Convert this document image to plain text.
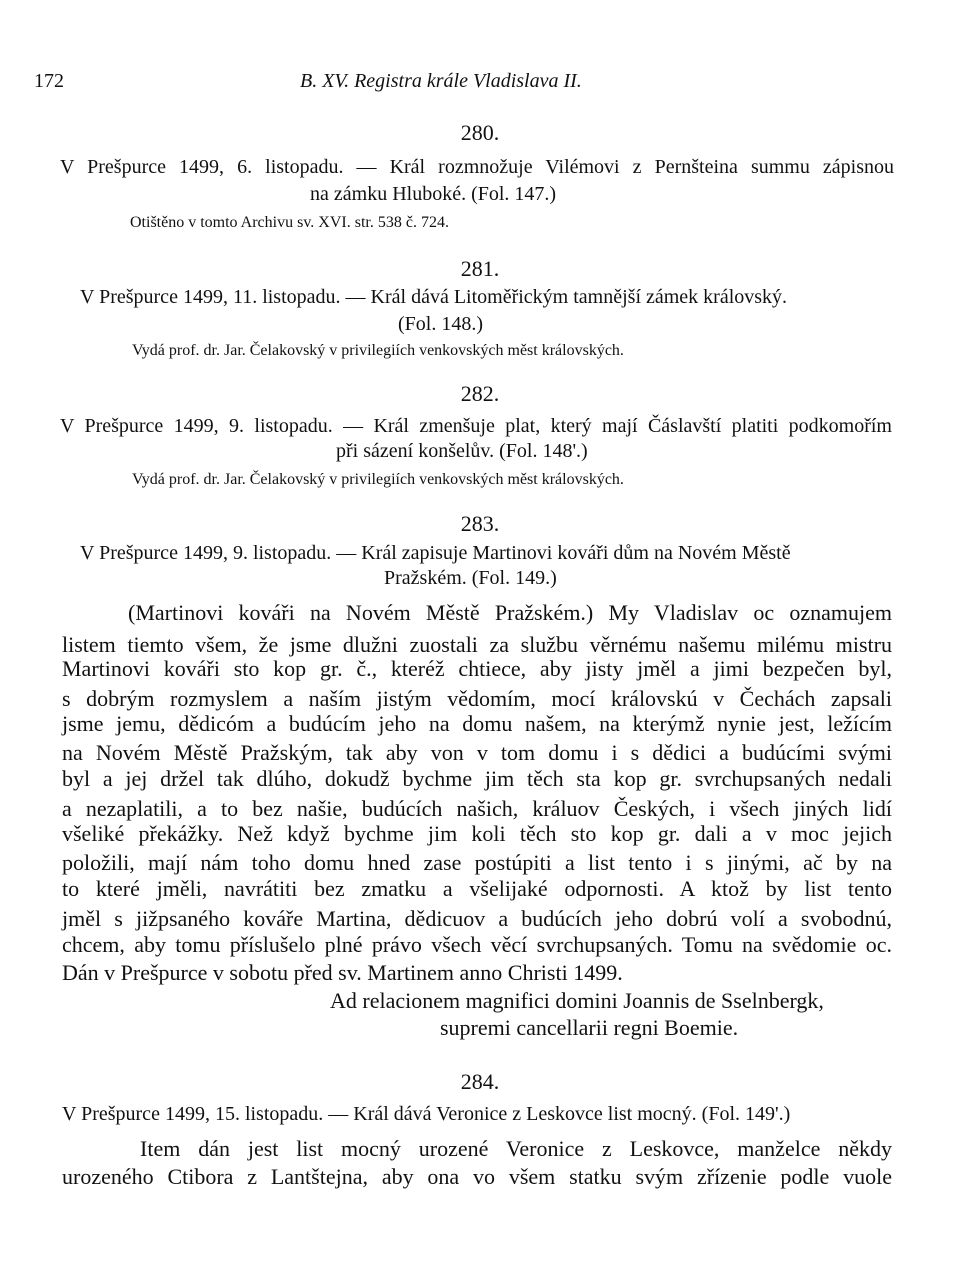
172	B. XV. Registra krále Vladislava II.
280.
V Prešpurce 1499, 6. listopadu. — Král rozmnožuje Vilémovi z Pernšteina summu zápisnou
na zámku Hluboké. (Fol. 147.)
Otištěno v tomto Archivu sv. XVI. str. 538 č. 724.
281.
V Prešpurce 1499, 11. listopadu. — Král dává Litoměřickým tamnější zámek královský.
(Fol. 148.)
Vydá prof. dr. Jar. Čelakovský v privilegiích venkovských měst královských.
282.
V Prešpurce 1499, 9. listopadu. — Král zmenšuje plat, který mají Čáslavští platiti podkomořím
při sázení konšelův. (Fol. 148'.)
Vydá prof. dr. Jar. Čelakovský v privilegiích venkovských měst královských.
283.
V Prešpurce 1499, 9. listopadu. — Král zapisuje Martinovi kováři dům na Novém Městě
Pražském. (Fol. 149.)
(Martinovi kováři na Novém Městě Pražském.) My Vladislav oc oznamujem
listem tiemto všem, že jsme dlužni zuostali za službu věrnému našemu milému mistru
Martinovi kováři sto kop gr. č., kteréž chtiece, aby jisty jměl a jimi bezpečen byl,
s dobrým rozmyslem a naším jistým vědomím, mocí královskú v Čechách zapsali
jsme jemu, dědicóm a budúcím jeho na domu našem, na kterýmž nynie jest, ležícím
na Novém Městě Pražským, tak aby von v tom domu i s dědici a budúcími svými
byl a jej držel tak dlúho, dokudž bychme jim těch sta kop gr. svrchupsaných nedali
a nezaplatili, a to bez našie, budúcích našich, králuov Českých, i všech jiných lidí
všeliké překážky. Než když bychme jim koli těch sto kop gr. dali a v moc jejich
položili, mají nám toho domu hned zase postúpiti a list tento i s jinými, ač by na
to které jměli, navrátiti bez zmatku a všelijaké odpornosti. A ktož by list tento
jměl s jižpsaného kováře Martina, dědicuov a budúcích jeho dobrú volí a svobodnú,
chcem, aby tomu příslušelo plné právo všech věcí svrchupsaných. Tomu na svědomie oc.
Dán v Prešpurce v sobotu před sv. Martinem anno Christi 1499.
Ad relacionem magnifici domini Joannis de Sselnbergk,
supremi cancellarii regni Boemie.
284.
V Prešpurce 1499, 15. listopadu. — Král dává Veronice z Leskovce list mocný. (Fol. 149'.)
Item dán jest list mocný urozené Veronice z Leskovce, manželce někdy
urozeného Ctibora z Lantštejna, aby ona vo všem statku svým zřízenie podle vuole
